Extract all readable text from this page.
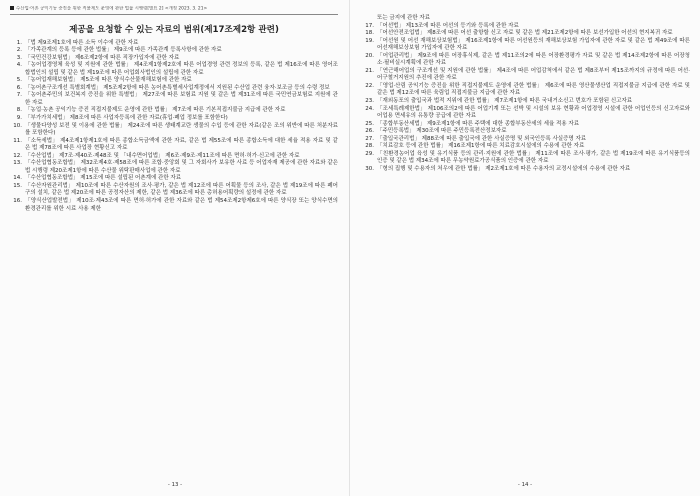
수산업·어촌 공익기능 증진을 위한 직불제도 운영에 관한 법률 시행령[별표 2] <개정 2023. 3. 21>
제공을 요청할 수 있는 자료의 범위(제17조제2항 관련)
1. 「법 제9조제1호에 따른 소득 이수에 관한 자료
2. 「가족관계의 등록 등에 관한 법률」 제9조에 따른 가족관계 등록사항에 관한 자료
3. 「국민건강보험법」 제6조제2항에 따른 직장가입자에 관한 자료
4. 「농어업경영체 육성 및 지원에 관한 법률」 제4조제1항제2호에 따른 어업경영 관련 정보의 등록, 같은 법 제16조에 따른 영어조합법인의 설립 및 같은 법 제19조에 따른 어업회사법인의 설립에 관한 자료
5. 「농어업재해보험법」 제5조에 따른 양식수산물재해보험에 관한 자료
6. 「농어촌구조개선 특별회계법」 제5조제2항에 따른 농어촌특별세사업계정에서 지원된 수산업 관련 융자·보조금 등의 수령 정보
7. 「농어촌주민의 보건복지 증진을 위한 특별법」 제27조에 따른 보험료 지원 및 같은 법 제31조에 따른 국민연금보험료 지원에 관한 자료
8. 「농업·농촌 공익기능 증진 직접지불제도 운영에 관한 법률」 제7조에 따른 기본직접지불금 지급에 관한 자료
9. 「부가가치세법」 제8조에 따른 사업자등록에 관한 자료(휴업·폐업 정보를 포함한다)
10. 「생물다양성 보전 및 이용에 관한 법률」 제24조에 따른 생태계교란 생물의 수입 등에 관한 자료(같은 조의 위반에 따른 처분자료를 포함한다)
11. 「소득세법」 제4조제1항제1호에 따른 종합소득금액에 관한 자료, 같은 법 제55조에 따른 종합소득에 대한 세율 적용 자료 및 같은 법 제78조에 따른 사업장 현황신고 자료
12. 「수산업법」 제7조·제40조·제48조 및 「내수면어업법」 제6조·제9조·제11조에 따른 면허·허가·신고에 관한 자료
13. 「수산업협동조합법」 제32조제4호·제58조에 따른 조합·중앙회 및 그 자회사가 보유한 사료 등 어업자재 제공에 관한 자료와 같은 법 시행령 제20조제1항에 따른 수산물 위탁판매사업에 관한 자료
14. 「수산업협동조합법」 제15조에 따른 설립된 어촌계에 관한 자료
15. 「수산자원관리법」 제10조에 따른 수산자원의 조사·평가, 같은 법 제12조에 따른 어획물 등의 조사, 같은 법 제19조에 따른 폐어구의 설치, 같은 법 제20조에 따른 공정자산의 제한, 같은 법 제36조에 따른 총허용어획량의 설정에 관한 자료
16. 「양식산업발전법」 제10조·제43조에 따른 면허·허가에 관한 자료와 같은 법 제54조제2항제6호에 따른 양식장 또는 양식수면의 환경관리를 위한 시료 사용 제한
- 13 -
또는 금지에 관한 자료
17. 「어선법」 제13조에 따른 어선의 등기와 등록에 관한 자료
18. 「어선안전조업법」 제8조에 따른 어선 출항할 신고 자료 및 같은 법 제21조제2항에 따른 보선가입한 어선의 현지복귀 자료
19. 「어선원 및 어선 재해보상보험법」 제16조제1항에 따른 어선원등의 재해보상보험 가입자에 관한 자료 및 같은 법 제49조에 따른 어선재해보상보험 가입자에 관한 자료
20. 「어업관리법」 제9조에 따른 어장휴식제, 같은 법 제11조의2에 따른 어장환경평가 자료 및 같은 법 제14조제2항에 따른 어장청소·필비실시계획에 관한 자료
21. 「연근해어업의 구조개선 및 지원에 관한 법률」 제4조에 따른 어업감척에서 같은 법 제8조부터 제15조까지의 규정에 따른 어선·어구철거지원의 추진에 관한 자료
22. 「영업·산림 공익기능 증진을 위한 직접지불제도 운영에 관한 법률」 제6조에 따른 영산물생산업 직접지불금 지급에 관한 자료 및 같은 법 제12조에 따른 육림업 직접지불금 지급에 관한 자료
23. 「재외동포의 출입국과 법적 지위에 관한 법률」 제7조제1항에 따른 국내거소신고 번호가 포함된 신고자료
24. 「조세특례제한법」 제106조의2에 따른 어업기계 또는 선박 및 시설의 보유 현황과 어업경영 시설에 관한 어업인등의 신고자료와 어업용 면세유의 유통량 공급에 관한 자료
25. 「종합부동산세법」 제9조제1항에 따른 주택에 대한 종합부동산세의 세율 적용 자료
26. 「주민등록법」 제30조에 따른 주민등록전산정보자료
27. 「출입국관리법」 제88조에 따른 출입국에 관한 사실증명 및 외국인등록 사실증명 자료
28. 「치료감호 등에 관한 법률」 제16조제1항에 따른 치료감호시설에의 수용에 관한 자료
29. 「친환경농어업 육성 및 유기식품 등의 관리·지원에 관한 법률」 제11조에 따른 조사·평가, 같은 법 제19조에 따른 유기식품등의 인증 및 같은 법 제34조에 따른 무농약원료가공식품의 인증에 관한 자료
30. 「형의 집행 및 수용자의 처우에 관한 법률」 제2조제1호에 따른 수용자의 교정시설에의 수용에 관한 자료
- 14 -
